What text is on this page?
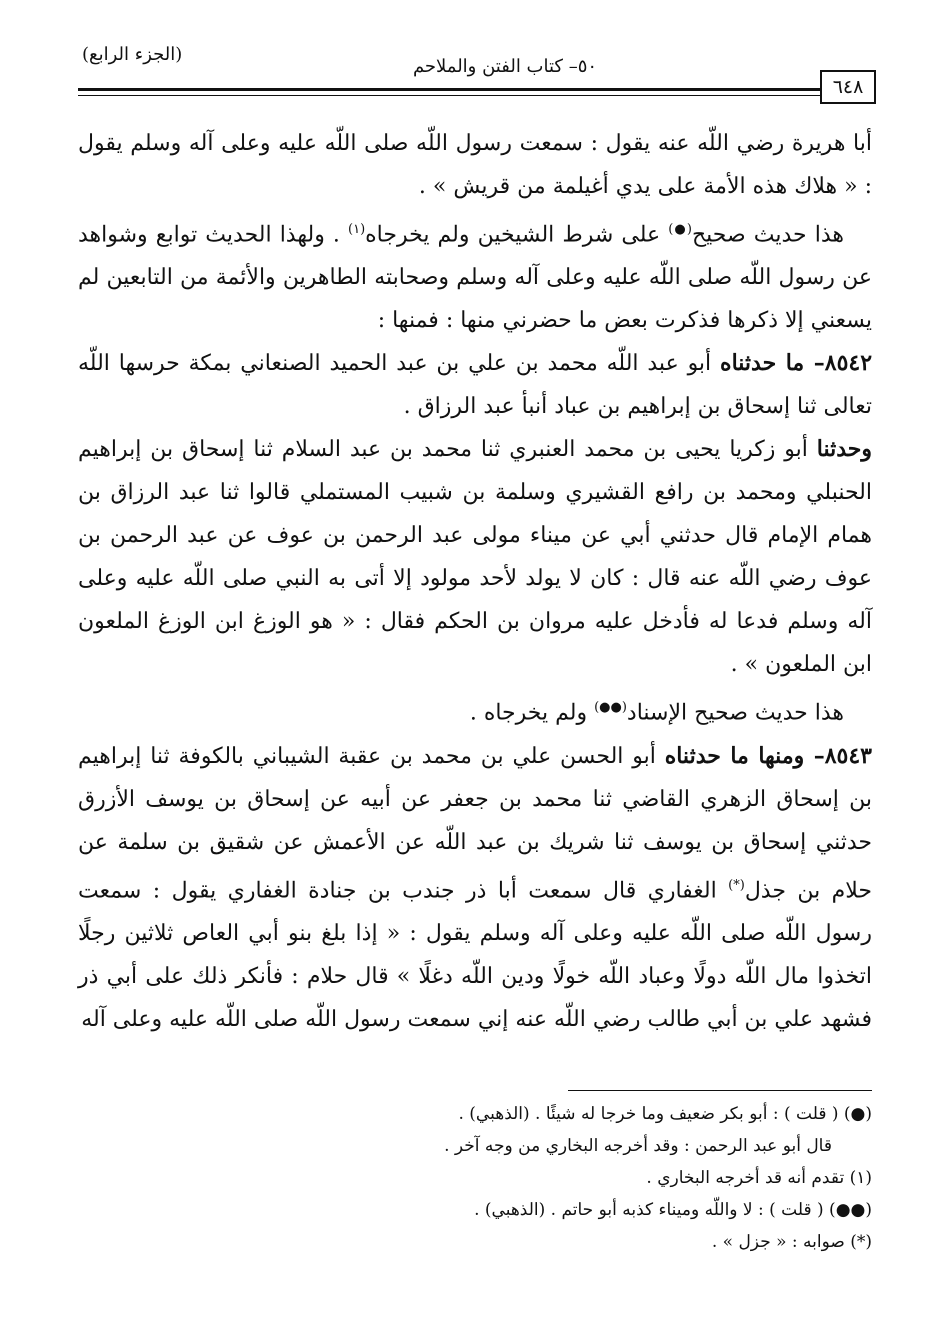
(الجزء الرابع)
٥٠– كتاب الفتن والملاحم
٦٤٨

أبا هريرة رضي اللّه عنه يقول : سمعت رسول اللّه صلى اللّه عليه وعلى آله وسلم يقول : « هلاك هذه الأمة على يدي أغيلمة من قريش » .

هذا حديث صحيح(●) على شرط الشيخين ولم يخرجاه$^{(١)}$ . ولهذا الحديث توابع وشواهد عن رسول اللّه صلى اللّه عليه وعلى آله وسلم وصحابته الطاهرين والأئمة من التابعين لم يسعني إلا ذكرها فذكرت بعض ما حضرني منها : فمنها :

٨٥٤٢– ما حدثناه أبو عبد اللّه محمد بن علي بن عبد الحميد الصنعاني بمكة حرسها اللّه تعالى ثنا إسحاق بن إبراهيم بن عباد أنبأ عبد الرزاق .

وحدثنا أبو زكريا يحيى بن محمد العنبري ثنا محمد بن عبد السلام ثنا إسحاق بن إبراهيم الحنبلي ومحمد بن رافع القشيري وسلمة بن شبيب المستملي قالوا ثنا عبد الرزاق بن همام الإمام قال حدثني أبي عن ميناء مولى عبد الرحمن بن عوف عن عبد الرحمن بن عوف رضي اللّه عنه قال : كان لا يولد لأحد مولود إلا أتى به النبي صلى اللّه عليه وعلى آله وسلم فدعا له فأدخل عليه مروان بن الحكم فقال : « هو الوزغ ابن الوزغ الملعون ابن الملعون » .

هذا حديث صحيح الإسناد(●●) ولم يخرجاه .

٨٥٤٣– ومنها ما حدثناه أبو الحسن علي بن محمد بن عقبة الشيباني بالكوفة ثنا إبراهيم بن إسحاق الزهري القاضي ثنا محمد بن جعفر عن أبيه عن إسحاق بن يوسف الأزرق حدثني إسحاق بن يوسف ثنا شريك بن عبد اللّه عن الأعمش عن شقيق بن سلمة عن حلام بن جذل(*) الغفاري قال سمعت أبا ذر جندب بن جنادة الغفاري يقول : سمعت رسول اللّه صلى اللّه عليه وعلى آله وسلم يقول : « إذا بلغ بنو أبي العاص ثلاثين رجلًا اتخذوا مال اللّه دولًا وعباد اللّه خولًا ودين اللّه دغلًا » قال حلام : فأنكر ذلك على أبي ذر فشهد علي بن أبي طالب رضي اللّه عنه إني سمعت رسول اللّه صلى اللّه عليه وعلى آله

(●) ( قلت ) : أبو بكر ضعيف وما خرجا له شيئًا . (الذهبي) .

قال أبو عبد الرحمن : وقد أخرجه البخاري من وجه آخر .

(١) تقدم أنه قد أخرجه البخاري .

(●●) ( قلت ) : لا واللّه وميناء كذبه أبو حاتم . (الذهبي) .

(*) صوابه : « جزل » .
